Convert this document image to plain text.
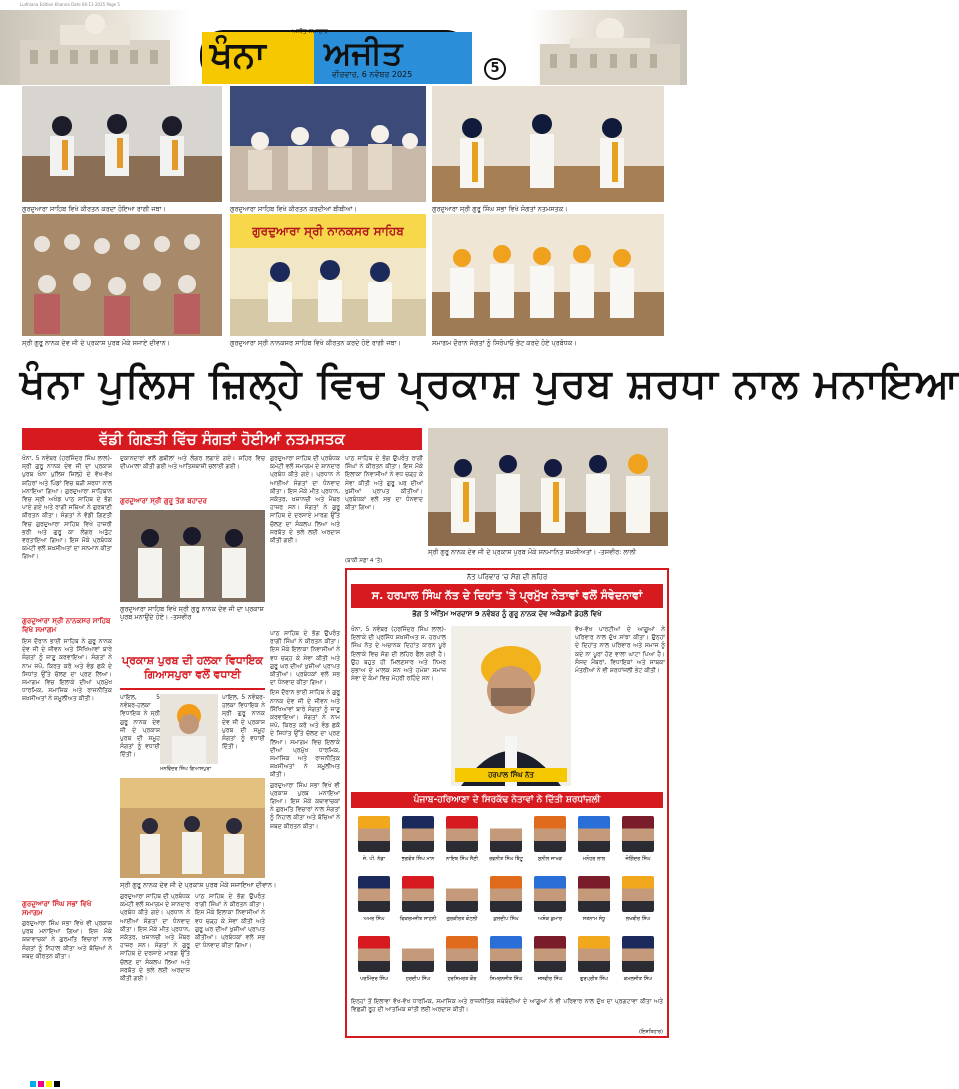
Ludhiana Edition Khanna Date 06-11-2025 Page 5
ਖੰਨਾ ਅਜੀਤ
ਅਜੀਤ ਸਮਾਚਾਰ
ਵੀਰਵਾਰ, 6 ਨਵੰਬਰ 2025	5
ਗੁਰਦੁਆਰਾ ਸਾਹਿਬ ਵਿਖੇ ਕੀਰਤਨ ਕਰਦਾ ਹੋਇਆ ਰਾਗੀ ਜਥਾ।	ਗੁਰਦੁਆਰਾ ਸਾਹਿਬ ਵਿਖੇ ਕੀਰਤਨ ਕਰਦੀਆਂ ਬੀਬੀਆਂ।	ਗੁਰਦੁਆਰਾ ਸ੍ਰੀ ਗੁਰੂ ਸਿੰਘ ਸਭਾ ਵਿਖੇ ਸੰਗਤਾਂ ਨਤਮਸਤਕ।
ਗੁਰਦੁਆਰਾ ਸ੍ਰੀ ਨਾਨਕਸਰ ਸਾਹਿਬ
ਸ੍ਰੀ ਗੁਰੂ ਨਾਨਕ ਦੇਵ ਜੀ ਦੇ ਪ੍ਰਕਾਸ਼ ਪੁਰਬ ਮੌਕੇ ਸਜਾਏ ਦੀਵਾਨ।	ਗੁਰਦੁਆਰਾ ਸ੍ਰੀ ਨਾਨਕਸਰ ਸਾਹਿਬ ਵਿਖੇ ਕੀਰਤਨ ਕਰਦੇ ਹੋਏ ਰਾਗੀ ਜਥਾ।	ਸਮਾਗਮ ਦੌਰਾਨ ਸੰਗਤਾਂ ਨੂੰ ਸਿਰੋਪਾਓ ਭੇਟ ਕਰਦੇ ਹੋਏ ਪ੍ਰਬੰਧਕ।
ਖੰਨਾ ਪੁਲਿਸ ਜ਼ਿਲ੍ਹੇ ਵਿਚ ਪ੍ਰਕਾਸ਼ ਪੁਰਬ ਸ਼ਰਧਾ ਨਾਲ ਮਨਾਇਆ
ਵੱਡੀ ਗਿਣਤੀ ਵਿੱਚ ਸੰਗਤਾਂ ਹੋਈਆਂ ਨਤਮਸਤਕ
ਸ੍ਰੀ ਗੁਰੂ ਨਾਨਕ ਦੇਵ ਜੀ ਦੇ ਪ੍ਰਕਾਸ਼ ਪੁਰਬ ਮੌਕੇ ਸਨਮਾਨਿਤ ਸ਼ਖ਼ਸੀਅਤਾਂ। -ਤਸਵੀਰ: ਲਾਲੀ

ਖੰਨਾ, 5 ਨਵੰਬਰ (ਹਰਜਿੰਦਰ ਸਿੰਘ ਲਾਲ)-ਸ੍ਰੀ ਗੁਰੂ ਨਾਨਕ ਦੇਵ ਜੀ ਦਾ ਪ੍ਰਕਾਸ਼ ਪੁਰਬ ਖੰਨਾ ਪੁਲਿਸ ਜ਼ਿਲ੍ਹੇ ਦੇ ਵੱਖ-ਵੱਖ ਸ਼ਹਿਰਾਂ ਅਤੇ ਪਿੰਡਾਂ ਵਿਚ ਬੜੀ ਸ਼ਰਧਾ ਨਾਲ ਮਨਾਇਆ ਗਿਆ। ਗੁਰਦੁਆਰਾ ਸਾਹਿਬਾਨ ਵਿਚ ਸ੍ਰੀ ਅਖੰਡ ਪਾਠ ਸਾਹਿਬ ਦੇ ਭੋਗ ਪਾਏ ਗਏ ਅਤੇ ਰਾਗੀ ਜਥਿਆਂ ਨੇ ਗੁਰਬਾਣੀ ਕੀਰਤਨ ਕੀਤਾ। ਸੰਗਤਾਂ ਨੇ ਵੱਡੀ ਗਿਣਤੀ ਵਿਚ ਗੁਰਦੁਆਰਾ ਸਾਹਿਬ ਵਿਖੇ ਹਾਜ਼ਰੀ ਭਰੀ ਅਤੇ ਗੁਰੂ ਕਾ ਲੰਗਰ ਅਤੁੱਟ ਵਰਤਾਇਆ ਗਿਆ। ਇਸ ਮੌਕੇ ਪ੍ਰਬੰਧਕ ਕਮੇਟੀ ਵਲੋਂ ਸ਼ਖ਼ਸੀਅਤਾਂ ਦਾ ਸਨਮਾਨ ਕੀਤਾ ਗਿਆ।

ਗੁਰਦੁਆਰਾ ਸ੍ਰੀ ਨਾਨਕਸਰ ਸਾਹਿਬ ਵਿਖੇ ਸਮਾਗਮ

ਇਸ ਦੌਰਾਨ ਭਾਈ ਸਾਹਿਬ ਨੇ ਗੁਰੂ ਨਾਨਕ ਦੇਵ ਜੀ ਦੇ ਜੀਵਨ ਅਤੇ ਸਿੱਖਿਆਵਾਂ ਬਾਰੇ ਸੰਗਤਾਂ ਨੂੰ ਜਾਣੂ ਕਰਵਾਇਆ। ਸੰਗਤਾਂ ਨੇ ਨਾਮ ਜਪੋ, ਕਿਰਤ ਕਰੋ ਅਤੇ ਵੰਡ ਛਕੋ ਦੇ ਸਿਧਾਂਤ ਉੱਤੇ ਚੱਲਣ ਦਾ ਪ੍ਰਣ ਲਿਆ। ਸਮਾਗਮ ਵਿਚ ਇਲਾਕੇ ਦੀਆਂ ਪ੍ਰਮੁੱਖ ਧਾਰਮਿਕ, ਸਮਾਜਿਕ ਅਤੇ ਰਾਜਨੀਤਿਕ ਸ਼ਖ਼ਸੀਅਤਾਂ ਨੇ ਸ਼ਮੂਲੀਅਤ ਕੀਤੀ।

ਗੁਰਦੁਆਰਾ ਸਿੰਘ ਸਭਾ ਵਿਖੇ ਸਮਾਗਮ

ਗੁਰਦੁਆਰਾ ਸਿੰਘ ਸਭਾ ਵਿਖੇ ਵੀ ਪ੍ਰਕਾਸ਼ ਪੁਰਬ ਮਨਾਇਆ ਗਿਆ। ਇਸ ਮੌਕੇ ਕਥਾਵਾਚਕਾਂ ਨੇ ਗੁਰਮਤਿ ਵਿਚਾਰਾਂ ਨਾਲ ਸੰਗਤਾਂ ਨੂੰ ਨਿਹਾਲ ਕੀਤਾ ਅਤੇ ਬੱਚਿਆਂ ਨੇ ਸ਼ਬਦ ਕੀਰਤਨ ਕੀਤਾ।

ਦੁਕਾਨਦਾਰਾਂ ਵਲੋਂ ਛਬੀਲਾਂ ਅਤੇ ਲੰਗਰ ਲਗਾਏ ਗਏ। ਸ਼ਹਿਰ ਵਿਚ ਦੀਪਮਾਲਾ ਕੀਤੀ ਗਈ ਅਤੇ ਆਤਿਸ਼ਬਾਜ਼ੀ ਚਲਾਈ ਗਈ।

ਗੁਰਦੁਆਰਾ ਸ੍ਰੀ ਗੁਰੂ ਤੇਗ ਬਹਾਦਰ
ਗੁਰਦੁਆਰਾ ਸਾਹਿਬ ਵਿਖੇ ਸ੍ਰੀ ਗੁਰੂ ਨਾਨਕ ਦੇਵ ਜੀ ਦਾ ਪ੍ਰਕਾਸ਼ ਪੁਰਬ ਮਨਾਉਂਦੇ ਹੋਏ। -ਤਸਵੀਰ
ਪ੍ਰਕਾਸ਼ ਪੁਰਬ ਦੀ ਹਲਕਾ ਵਿਧਾਇਕ ਗਿਆਸਪੁਰਾ ਵਲੋਂ ਵਧਾਈ

ਪਾਇਲ, 5 ਨਵੰਬਰ-ਹਲਕਾ ਵਿਧਾਇਕ ਨੇ ਸ੍ਰੀ ਗੁਰੂ ਨਾਨਕ ਦੇਵ ਜੀ ਦੇ ਪ੍ਰਕਾਸ਼ ਪੁਰਬ ਦੀ ਸਮੂਹ ਸੰਗਤਾਂ ਨੂੰ ਵਧਾਈ ਦਿੱਤੀ।

ਮਨਵਿੰਦਰ ਸਿੰਘ ਗਿਆਸਪੁਰਾ

ਪਾਇਲ, 5 ਨਵੰਬਰ-ਹਲਕਾ ਵਿਧਾਇਕ ਨੇ ਸ੍ਰੀ ਗੁਰੂ ਨਾਨਕ ਦੇਵ ਜੀ ਦੇ ਪ੍ਰਕਾਸ਼ ਪੁਰਬ ਦੀ ਸਮੂਹ ਸੰਗਤਾਂ ਨੂੰ ਵਧਾਈ ਦਿੱਤੀ।

ਸ੍ਰੀ ਗੁਰੂ ਨਾਨਕ ਦੇਵ ਜੀ ਦੇ ਪ੍ਰਕਾਸ਼ ਪੁਰਬ ਮੌਕੇ ਸਜਾਇਆ ਦੀਵਾਨ।

ਗੁਰਦੁਆਰਾ ਸਾਹਿਬ ਦੀ ਪ੍ਰਬੰਧਕ ਕਮੇਟੀ ਵਲੋਂ ਸਮਾਗਮ ਦੇ ਸ਼ਾਨਦਾਰ ਪ੍ਰਬੰਧ ਕੀਤੇ ਗਏ। ਪ੍ਰਧਾਨ ਨੇ ਆਈਆਂ ਸੰਗਤਾਂ ਦਾ ਧੰਨਵਾਦ ਕੀਤਾ। ਇਸ ਮੌਕੇ ਮੀਤ ਪ੍ਰਧਾਨ, ਸਕੱਤਰ, ਖ਼ਜ਼ਾਨਚੀ ਅਤੇ ਮੈਂਬਰ ਹਾਜ਼ਰ ਸਨ। ਸੰਗਤਾਂ ਨੇ ਗੁਰੂ ਸਾਹਿਬ ਦੇ ਦਰਸਾਏ ਮਾਰਗ ਉੱਤੇ ਚੱਲਣ ਦਾ ਸੰਕਲਪ ਲਿਆ ਅਤੇ ਸਰਬੱਤ ਦੇ ਭਲੇ ਲਈ ਅਰਦਾਸ ਕੀਤੀ ਗਈ।

ਪਾਠ ਸਾਹਿਬ ਦੇ ਭੋਗ ਉਪਰੰਤ ਰਾਗੀ ਸਿੰਘਾਂ ਨੇ ਕੀਰਤਨ ਕੀਤਾ। ਇਸ ਮੌਕੇ ਇਲਾਕਾ ਨਿਵਾਸੀਆਂ ਨੇ ਵਧ ਚੜ੍ਹ ਕੇ ਸੇਵਾ ਕੀਤੀ ਅਤੇ ਗੁਰੂ ਘਰ ਦੀਆਂ ਖੁਸ਼ੀਆਂ ਪ੍ਰਾਪਤ ਕੀਤੀਆਂ। ਪ੍ਰਬੰਧਕਾਂ ਵਲੋਂ ਸਭ ਦਾ ਧੰਨਵਾਦ ਕੀਤਾ ਗਿਆ।

ਗੁਰਦੁਆਰਾ ਸਾਹਿਬ ਦੀ ਪ੍ਰਬੰਧਕ ਕਮੇਟੀ ਵਲੋਂ ਸਮਾਗਮ ਦੇ ਸ਼ਾਨਦਾਰ ਪ੍ਰਬੰਧ ਕੀਤੇ ਗਏ। ਪ੍ਰਧਾਨ ਨੇ ਆਈਆਂ ਸੰਗਤਾਂ ਦਾ ਧੰਨਵਾਦ ਕੀਤਾ। ਇਸ ਮੌਕੇ ਮੀਤ ਪ੍ਰਧਾਨ, ਸਕੱਤਰ, ਖ਼ਜ਼ਾਨਚੀ ਅਤੇ ਮੈਂਬਰ ਹਾਜ਼ਰ ਸਨ। ਸੰਗਤਾਂ ਨੇ ਗੁਰੂ ਸਾਹਿਬ ਦੇ ਦਰਸਾਏ ਮਾਰਗ ਉੱਤੇ ਚੱਲਣ ਦਾ ਸੰਕਲਪ ਲਿਆ ਅਤੇ ਸਰਬੱਤ ਦੇ ਭਲੇ ਲਈ ਅਰਦਾਸ ਕੀਤੀ ਗਈ।

ਪਾਠ ਸਾਹਿਬ ਦੇ ਭੋਗ ਉਪਰੰਤ ਰਾਗੀ ਸਿੰਘਾਂ ਨੇ ਕੀਰਤਨ ਕੀਤਾ। ਇਸ ਮੌਕੇ ਇਲਾਕਾ ਨਿਵਾਸੀਆਂ ਨੇ ਵਧ ਚੜ੍ਹ ਕੇ ਸੇਵਾ ਕੀਤੀ ਅਤੇ ਗੁਰੂ ਘਰ ਦੀਆਂ ਖੁਸ਼ੀਆਂ ਪ੍ਰਾਪਤ ਕੀਤੀਆਂ। ਪ੍ਰਬੰਧਕਾਂ ਵਲੋਂ ਸਭ ਦਾ ਧੰਨਵਾਦ ਕੀਤਾ ਗਿਆ।

ਇਸ ਦੌਰਾਨ ਭਾਈ ਸਾਹਿਬ ਨੇ ਗੁਰੂ ਨਾਨਕ ਦੇਵ ਜੀ ਦੇ ਜੀਵਨ ਅਤੇ ਸਿੱਖਿਆਵਾਂ ਬਾਰੇ ਸੰਗਤਾਂ ਨੂੰ ਜਾਣੂ ਕਰਵਾਇਆ। ਸੰਗਤਾਂ ਨੇ ਨਾਮ ਜਪੋ, ਕਿਰਤ ਕਰੋ ਅਤੇ ਵੰਡ ਛਕੋ ਦੇ ਸਿਧਾਂਤ ਉੱਤੇ ਚੱਲਣ ਦਾ ਪ੍ਰਣ ਲਿਆ। ਸਮਾਗਮ ਵਿਚ ਇਲਾਕੇ ਦੀਆਂ ਪ੍ਰਮੁੱਖ ਧਾਰਮਿਕ, ਸਮਾਜਿਕ ਅਤੇ ਰਾਜਨੀਤਿਕ ਸ਼ਖ਼ਸੀਅਤਾਂ ਨੇ ਸ਼ਮੂਲੀਅਤ ਕੀਤੀ।

ਗੁਰਦੁਆਰਾ ਸਿੰਘ ਸਭਾ ਵਿਖੇ ਵੀ ਪ੍ਰਕਾਸ਼ ਪੁਰਬ ਮਨਾਇਆ ਗਿਆ। ਇਸ ਮੌਕੇ ਕਥਾਵਾਚਕਾਂ ਨੇ ਗੁਰਮਤਿ ਵਿਚਾਰਾਂ ਨਾਲ ਸੰਗਤਾਂ ਨੂੰ ਨਿਹਾਲ ਕੀਤਾ ਅਤੇ ਬੱਚਿਆਂ ਨੇ ਸ਼ਬਦ ਕੀਰਤਨ ਕੀਤਾ।

ਪਾਠ ਸਾਹਿਬ ਦੇ ਭੋਗ ਉਪਰੰਤ ਰਾਗੀ ਸਿੰਘਾਂ ਨੇ ਕੀਰਤਨ ਕੀਤਾ। ਇਸ ਮੌਕੇ ਇਲਾਕਾ ਨਿਵਾਸੀਆਂ ਨੇ ਵਧ ਚੜ੍ਹ ਕੇ ਸੇਵਾ ਕੀਤੀ ਅਤੇ ਗੁਰੂ ਘਰ ਦੀਆਂ ਖੁਸ਼ੀਆਂ ਪ੍ਰਾਪਤ ਕੀਤੀਆਂ। ਪ੍ਰਬੰਧਕਾਂ ਵਲੋਂ ਸਭ ਦਾ ਧੰਨਵਾਦ ਕੀਤਾ ਗਿਆ।

(ਬਾਕੀ ਸਫ਼ਾ 4 'ਤੇ)
ਨੱਤ ਪਰਿਵਾਰ 'ਚ ਸੋਗ ਦੀ ਲਹਿਰ
ਸ. ਹਰਪਾਲ ਸਿੰਘ ਨੱਤ ਦੇ ਦਿਹਾਂਤ 'ਤੇ ਪ੍ਰਮੁੱਖ ਨੇਤਾਵਾਂ ਵਲੋਂ ਸੰਵੇਦਨਾਵਾਂ
ਭੋਗ ਤੇ ਅੰਤਿਮ ਅਰਦਾਸ 9 ਨਵੰਬਰ ਨੂੰ ਗੁਰੂ ਨਾਨਕ ਦੇਵ ਅਕੈਡਮੀ ਡੇਹਲੋਂ ਵਿਖੇ

ਖੰਨਾ, 5 ਨਵੰਬਰ (ਹਰਜਿੰਦਰ ਸਿੰਘ ਲਾਲ)-ਇਲਾਕੇ ਦੀ ਪ੍ਰਸਿੱਧ ਸ਼ਖ਼ਸੀਅਤ ਸ. ਹਰਪਾਲ ਸਿੰਘ ਨੱਤ ਦੇ ਅਚਾਨਕ ਦਿਹਾਂਤ ਕਾਰਨ ਪੂਰੇ ਇਲਾਕੇ ਵਿਚ ਸੋਗ ਦੀ ਲਹਿਰ ਫੈਲ ਗਈ ਹੈ। ਉਹ ਬਹੁਤ ਹੀ ਮਿਲਣਸਾਰ ਅਤੇ ਨਿਮਰ ਸੁਭਾਅ ਦੇ ਮਾਲਕ ਸਨ ਅਤੇ ਹਮੇਸ਼ਾ ਸਮਾਜ ਸੇਵਾ ਦੇ ਕੰਮਾਂ ਵਿਚ ਮੋਹਰੀ ਰਹਿੰਦੇ ਸਨ।

ਹਰਪਾਲ ਸਿੰਘ ਨੱਤ

ਵੱਖ-ਵੱਖ ਪਾਰਟੀਆਂ ਦੇ ਆਗੂਆਂ ਨੇ ਪਰਿਵਾਰ ਨਾਲ ਦੁੱਖ ਸਾਂਝਾ ਕੀਤਾ। ਉਨ੍ਹਾਂ ਦੇ ਦਿਹਾਂਤ ਨਾਲ ਪਰਿਵਾਰ ਅਤੇ ਸਮਾਜ ਨੂੰ ਕਦੇ ਨਾ ਪੂਰਾ ਹੋਣ ਵਾਲਾ ਘਾਟਾ ਪਿਆ ਹੈ। ਸੰਸਦ ਮੈਂਬਰਾਂ, ਵਿਧਾਇਕਾਂ ਅਤੇ ਸਾਬਕਾ ਮੰਤਰੀਆਂ ਨੇ ਵੀ ਸ਼ਰਧਾਂਜਲੀ ਭੇਟ ਕੀਤੀ।

ਪੰਜਾਬ-ਹਰਿਆਣਾ ਦੇ ਸਿਰਕੱਢ ਨੇਤਾਵਾਂ ਨੇ ਦਿੱਤੀ ਸ਼ਰਧਾਂਜਲੀ
ਜੇ. ਪੀ. ਨੱਡਾ	ਭਗਵੰਤ ਸਿੰਘ ਮਾਨ	ਨਾਇਬ ਸਿੰਘ ਸੈਣੀ	ਰਵਨੀਤ ਸਿੰਘ ਬਿੱਟੂ	ਸੁਨੀਲ ਜਾਖੜ	ਮਨੋਹਰ ਲਾਲ	ਜੋਗਿੰਦਰ ਸਿੰਘ
ਅਮਰ ਸਿੰਘ	ਵਿਕਰਮਜੀਤ ਸਾਹਨੀ	ਗੁਰਕੀਰਤ ਕੋਟਲੀ	ਕੁਲਦੀਪ ਸਿੰਘ	ਅਸ਼ੋਕ ਕੁਮਾਰ	ਸਤਨਾਮ ਸੰਧੂ	ਲਖਬੀਰ ਸਿੰਘ
ਪਰਮਿੰਦਰ ਸਿੰਘ	ਹਰਦੀਪ ਸਿੰਘ	ਹਰਸਿਮਰਤ ਕੌਰ	ਸਿਮਰਨਜੀਤ ਸਿੰਘ	ਜਸਵੀਰ ਸਿੰਘ	ਗੁਰਪ੍ਰੀਤ ਸਿੰਘ	ਕਮਲਜੀਤ ਸਿੰਘ

ਇਨ੍ਹਾਂ ਤੋਂ ਇਲਾਵਾ ਵੱਖ-ਵੱਖ ਧਾਰਮਿਕ, ਸਮਾਜਿਕ ਅਤੇ ਰਾਜਨੀਤਿਕ ਜਥੇਬੰਦੀਆਂ ਦੇ ਆਗੂਆਂ ਨੇ ਵੀ ਪਰਿਵਾਰ ਨਾਲ ਦੁੱਖ ਦਾ ਪ੍ਰਗਟਾਵਾ ਕੀਤਾ ਅਤੇ ਵਿਛੜੀ ਰੂਹ ਦੀ ਆਤਮਿਕ ਸ਼ਾਂਤੀ ਲਈ ਅਰਦਾਸ ਕੀਤੀ।

(ਇਸ਼ਤਿਹਾਰ)
